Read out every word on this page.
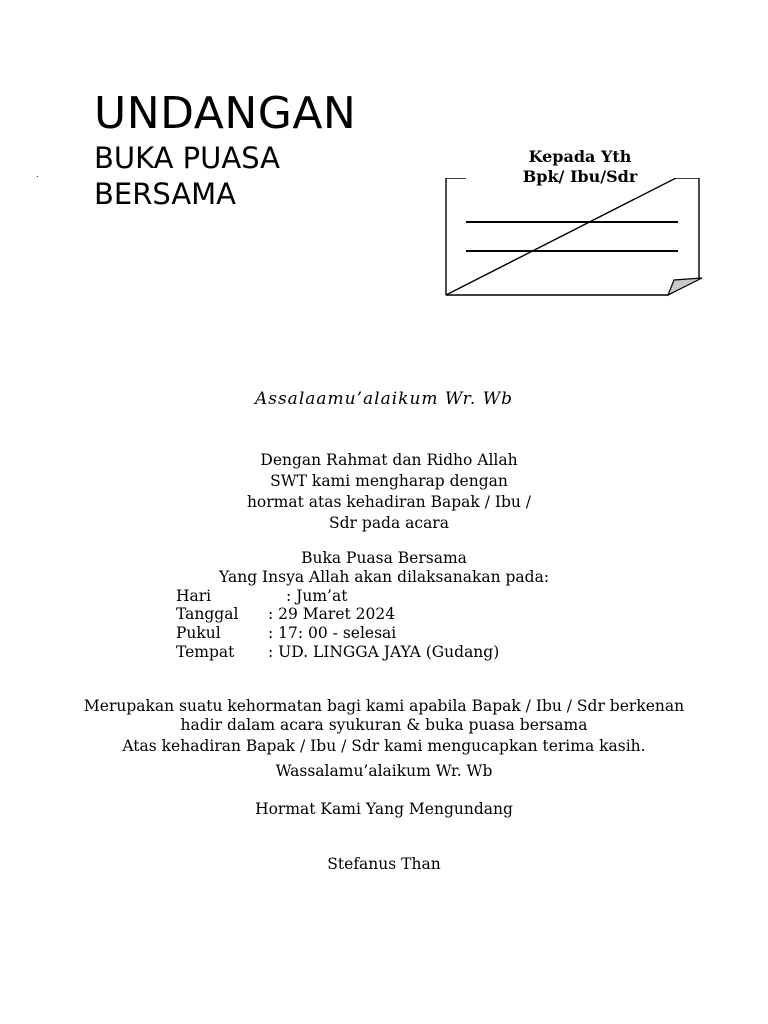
UNDANGAN
BUKA PUASA
BERSAMA
.
Kepada Yth
Bpk/ Ibu/Sdr
Assalaamu’alaikum Wr. Wb
Dengan Rahmat dan Ridho Allah
SWT kami mengharap dengan
hormat atas kehadiran Bapak / Ibu /
Sdr pada acara
Buka Puasa Bersama
Yang Insya Allah akan dilaksanakan pada:
Hari	: Jum’at
Tanggal : 29 Maret 2024
Pukul	: 17: 00 - selesai
Tempat : UD. LINGGA JAYA (Gudang)
Merupakan suatu kehormatan bagi kami apabila Bapak / Ibu / Sdr berkenan
hadir dalam acara syukuran & buka puasa bersama
Atas kehadiran Bapak / Ibu / Sdr kami mengucapkan terima kasih.
Wassalamu’alaikum Wr. Wb
Hormat Kami Yang Mengundang
Stefanus Than
